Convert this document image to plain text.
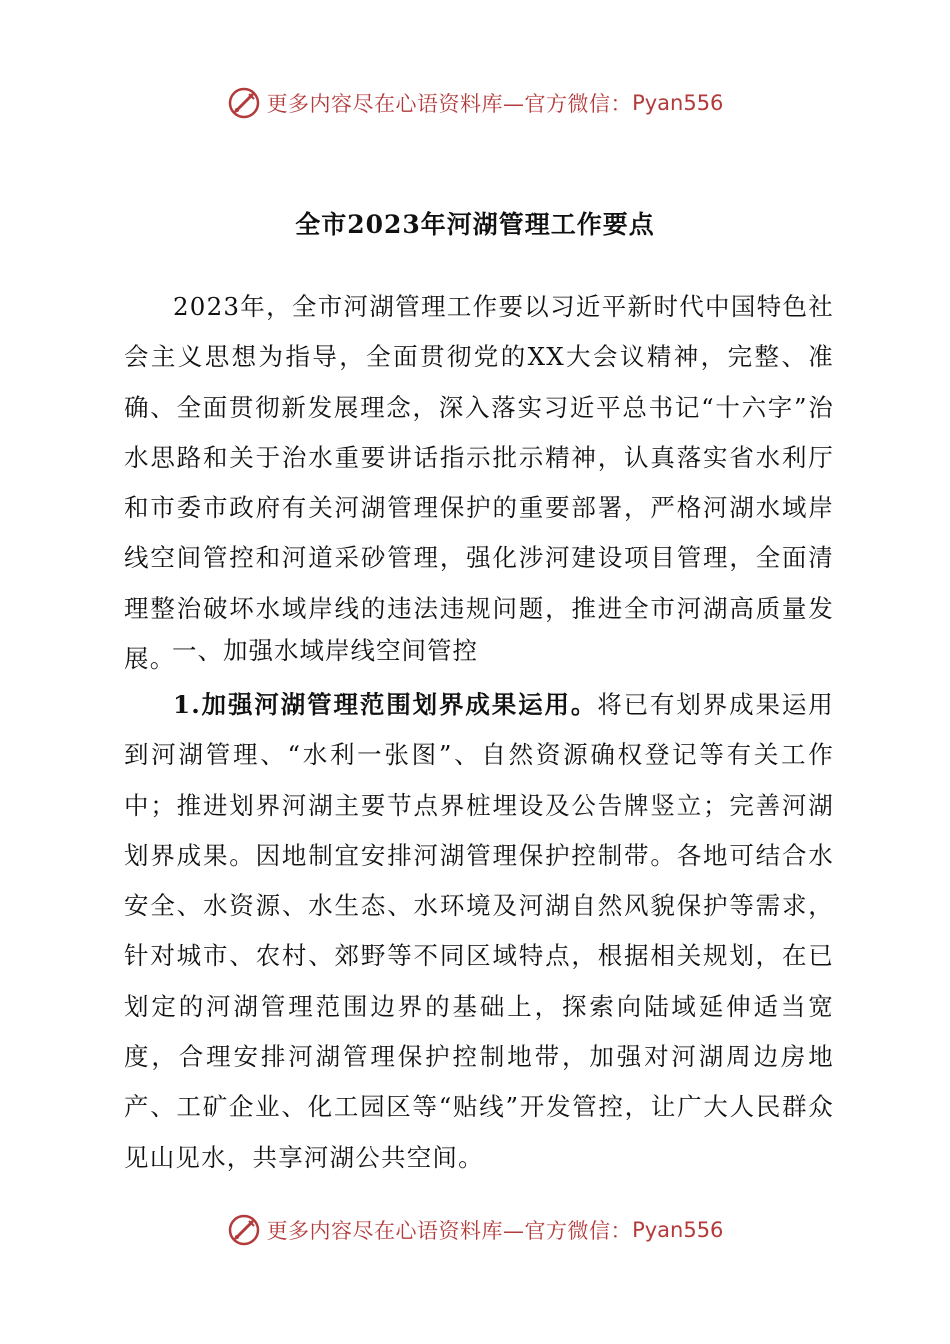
更多内容尽在心语资料库—官方微信： Pyan556
全市2023年河湖管理工作要点

2023年，全市河湖管理工作要以习近平新时代中国特色社会主义思想为指导，全面贯彻党的XX大会议精神，完整、准确、全面贯彻新发展理念，深入落实习近平总书记“十六字”治水思路和关于治水重要讲话指示批示精神，认真落实省水利厅和市委市政府有关河湖管理保护的重要部署，严格河湖水域岸线空间管控和河道采砂管理，强化涉河建设项目管理，全面清理整治破坏水域岸线的违法违规问题，推进全市河湖高质量发展。

一、加强水域岸线空间管控

1.加强河湖管理范围划界成果运用。将已有划界成果运用到河湖管理、“水利一张图”、自然资源确权登记等有关工作中；推进划界河湖主要节点界桩埋设及公告牌竖立；完善河湖划界成果。因地制宜安排河湖管理保护控制带。各地可结合水安全、水资源、水生态、水环境及河湖自然风貌保护等需求，针对城市、农村、郊野等不同区域特点，根据相关规划，在已划定的河湖管理范围边界的基础上，探索向陆域延伸适当宽度，合理安排河湖管理保护控制地带，加强对河湖周边房地产、工矿企业、化工园区等“贴线”开发管控，让广大人民群众见山见水，共享河湖公共空间。

更多内容尽在心语资料库—官方微信： Pyan556
